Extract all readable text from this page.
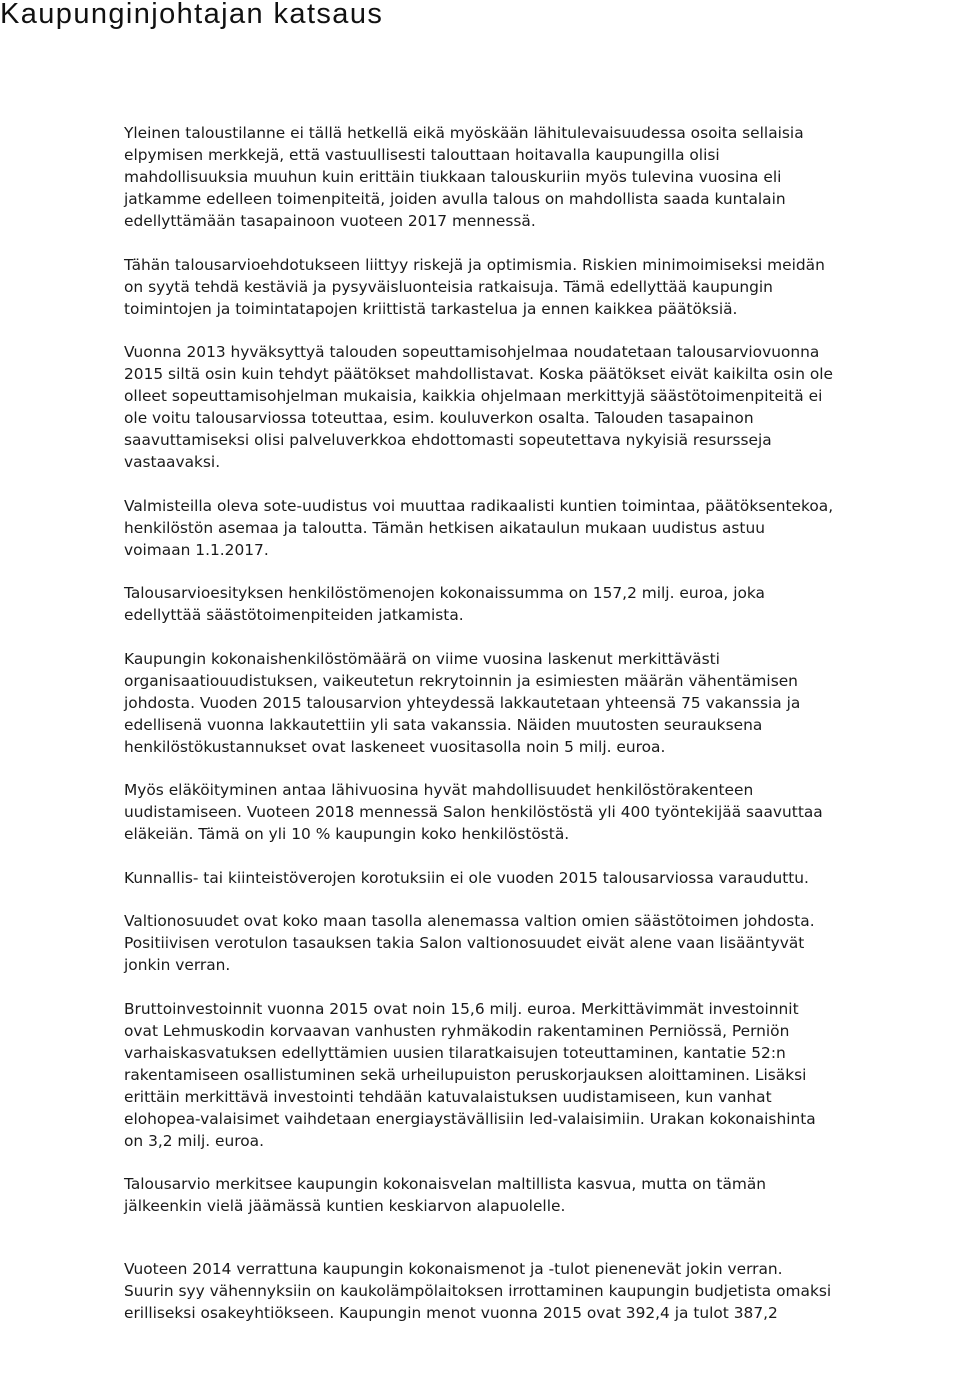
Kaupunginjohtajan katsaus

Yleinen taloustilanne ei tällä hetkellä eikä myöskään lähitulevaisuudessa osoita sellaisia
elpymisen merkkejä, että vastuullisesti talouttaan hoitavalla kaupungilla olisi
mahdollisuuksia muuhun kuin erittäin tiukkaan talouskuriin myös tulevina vuosina eli
jatkamme edelleen toimenpiteitä, joiden avulla talous on mahdollista saada kuntalain
edellyttämään tasapainoon vuoteen 2017 mennessä.

Tähän talousarvioehdotukseen liittyy riskejä ja optimismia. Riskien minimoimiseksi meidän
on syytä tehdä kestäviä ja pysyväisluonteisia ratkaisuja. Tämä edellyttää kaupungin
toimintojen ja toimintatapojen kriittistä tarkastelua ja ennen kaikkea päätöksiä.

Vuonna 2013 hyväksyttyä talouden sopeuttamisohjelmaa noudatetaan talousarviovuonna
2015 siltä osin kuin tehdyt päätökset mahdollistavat. Koska päätökset eivät kaikilta osin ole
olleet sopeuttamisohjelman mukaisia, kaikkia ohjelmaan merkittyjä säästötoimenpiteitä ei
ole voitu talousarviossa toteuttaa, esim. kouluverkon osalta. Talouden tasapainon
saavuttamiseksi olisi palveluverkkoa ehdottomasti sopeutettava nykyisiä resursseja
vastaavaksi.

Valmisteilla oleva sote-uudistus voi muuttaa radikaalisti kuntien toimintaa, päätöksentekoa,
henkilöstön asemaa ja taloutta. Tämän hetkisen aikataulun mukaan uudistus astuu
voimaan 1.1.2017.

Talousarvioesityksen henkilöstömenojen kokonaissumma on 157,2 milj. euroa, joka
edellyttää säästötoimenpiteiden jatkamista.

Kaupungin kokonaishenkilöstömäärä on viime vuosina laskenut merkittävästi
organisaatiouudistuksen, vaikeutetun rekrytoinnin ja esimiesten määrän vähentämisen
johdosta. Vuoden 2015 talousarvion yhteydessä lakkautetaan yhteensä 75 vakanssia ja
edellisenä vuonna lakkautettiin yli sata vakanssia. Näiden muutosten seurauksena
henkilöstökustannukset ovat laskeneet vuositasolla noin 5 milj. euroa.

Myös eläköityminen antaa lähivuosina hyvät mahdollisuudet henkilöstörakenteen
uudistamiseen. Vuoteen 2018 mennessä Salon henkilöstöstä yli 400 työntekijää saavuttaa
eläkeiän. Tämä on yli 10 % kaupungin koko henkilöstöstä.

Kunnallis- tai kiinteistöverojen korotuksiin ei ole vuoden 2015 talousarviossa varauduttu.

Valtionosuudet ovat koko maan tasolla alenemassa valtion omien säästötoimen johdosta.
Positiivisen verotulon tasauksen takia Salon valtionosuudet eivät alene vaan lisääntyvät
jonkin verran.

Bruttoinvestoinnit vuonna 2015 ovat noin 15,6 milj. euroa. Merkittävimmät investoinnit
ovat Lehmuskodin korvaavan vanhusten ryhmäkodin rakentaminen Perniössä, Perniön
varhaiskasvatuksen edellyttämien uusien tilaratkaisujen toteuttaminen, kantatie 52:n
rakentamiseen osallistuminen sekä urheilupuiston peruskorjauksen aloittaminen. Lisäksi
erittäin merkittävä investointi tehdään katuvalaistuksen uudistamiseen, kun vanhat
elohopea-valaisimet vaihdetaan energiaystävällisiin led-valaisimiin. Urakan kokonaishinta
on 3,2 milj. euroa.

Talousarvio merkitsee kaupungin kokonaisvelan maltillista kasvua, mutta on tämän
jälkeenkin vielä jäämässä kuntien keskiarvon alapuolelle.

Vuoteen 2014 verrattuna kaupungin kokonaismenot ja -tulot pienenevät jokin verran.
Suurin syy vähennyksiin on kaukolämpölaitoksen irrottaminen kaupungin budjetista omaksi
erilliseksi osakeyhtiökseen. Kaupungin menot vuonna 2015 ovat 392,4 ja tulot 387,2
